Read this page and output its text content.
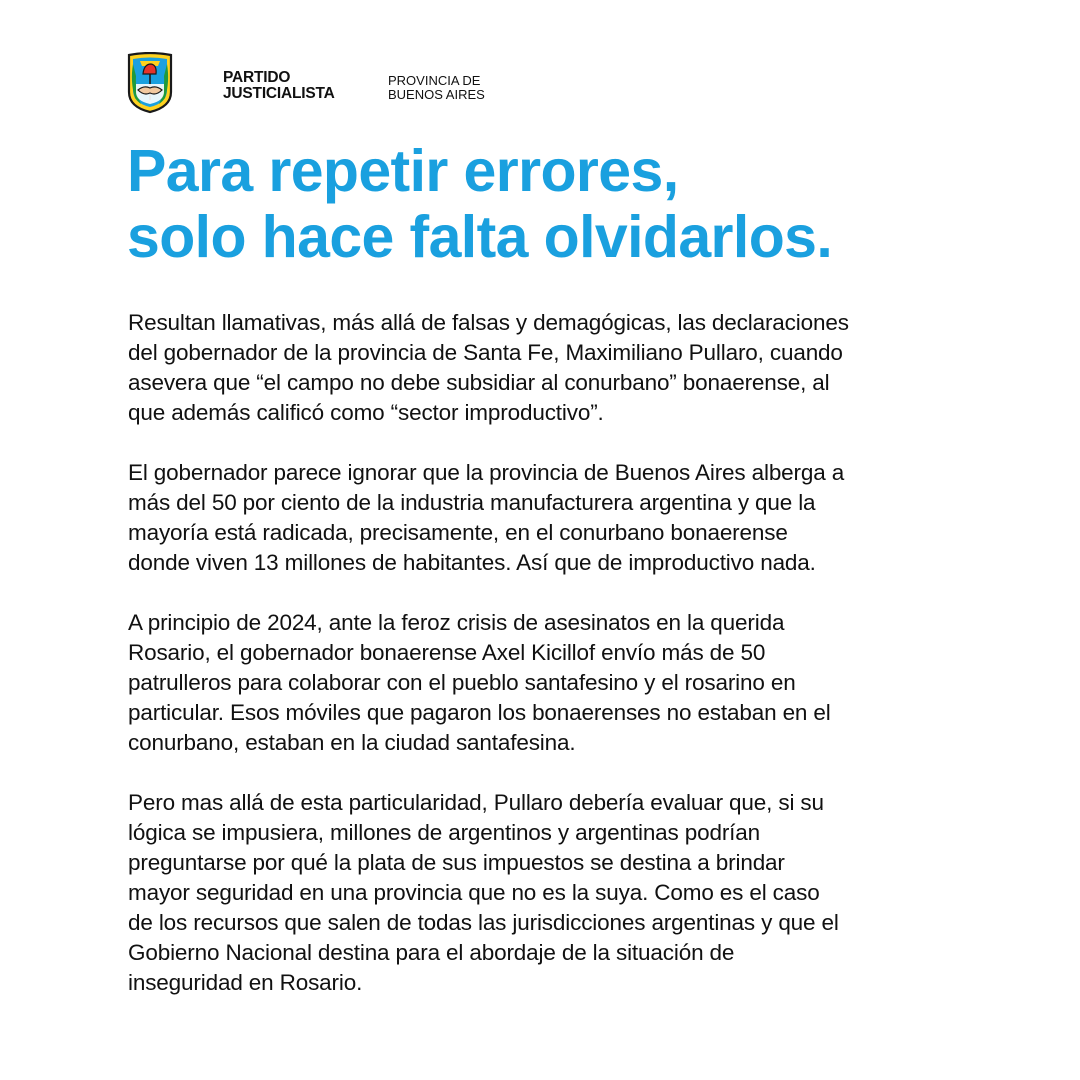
PARTIDO
JUSTICIALISTA
PROVINCIA DE
BUENOS AIRES
Para repetir errores,
solo hace falta olvidarlos.

Resultan llamativas, más allá de falsas y demagógicas, las declaraciones
del gobernador de la provincia de Santa Fe, Maximiliano Pullaro, cuando
asevera que “el campo no debe subsidiar al conurbano” bonaerense, al
que además calificó como “sector improductivo”.

El gobernador parece ignorar que la provincia de Buenos Aires alberga a
más del 50 por ciento de la industria manufacturera argentina y que la
mayoría está radicada, precisamente, en el conurbano bonaerense
donde viven 13 millones de habitantes. Así que de improductivo nada.

A principio de 2024, ante la feroz crisis de asesinatos en la querida
Rosario, el gobernador bonaerense Axel Kicillof envío más de 50
patrulleros para colaborar con el pueblo santafesino y el rosarino en
particular. Esos móviles que pagaron los bonaerenses no estaban en el
conurbano, estaban en la ciudad santafesina.

Pero mas allá de esta particularidad, Pullaro debería evaluar que, si su
lógica se impusiera, millones de argentinos y argentinas podrían
preguntarse por qué la plata de sus impuestos se destina a brindar
mayor seguridad en una provincia que no es la suya. Como es el caso
de los recursos que salen de todas las jurisdicciones argentinas y que el
Gobierno Nacional destina para el abordaje de la situación de
inseguridad en Rosario.
